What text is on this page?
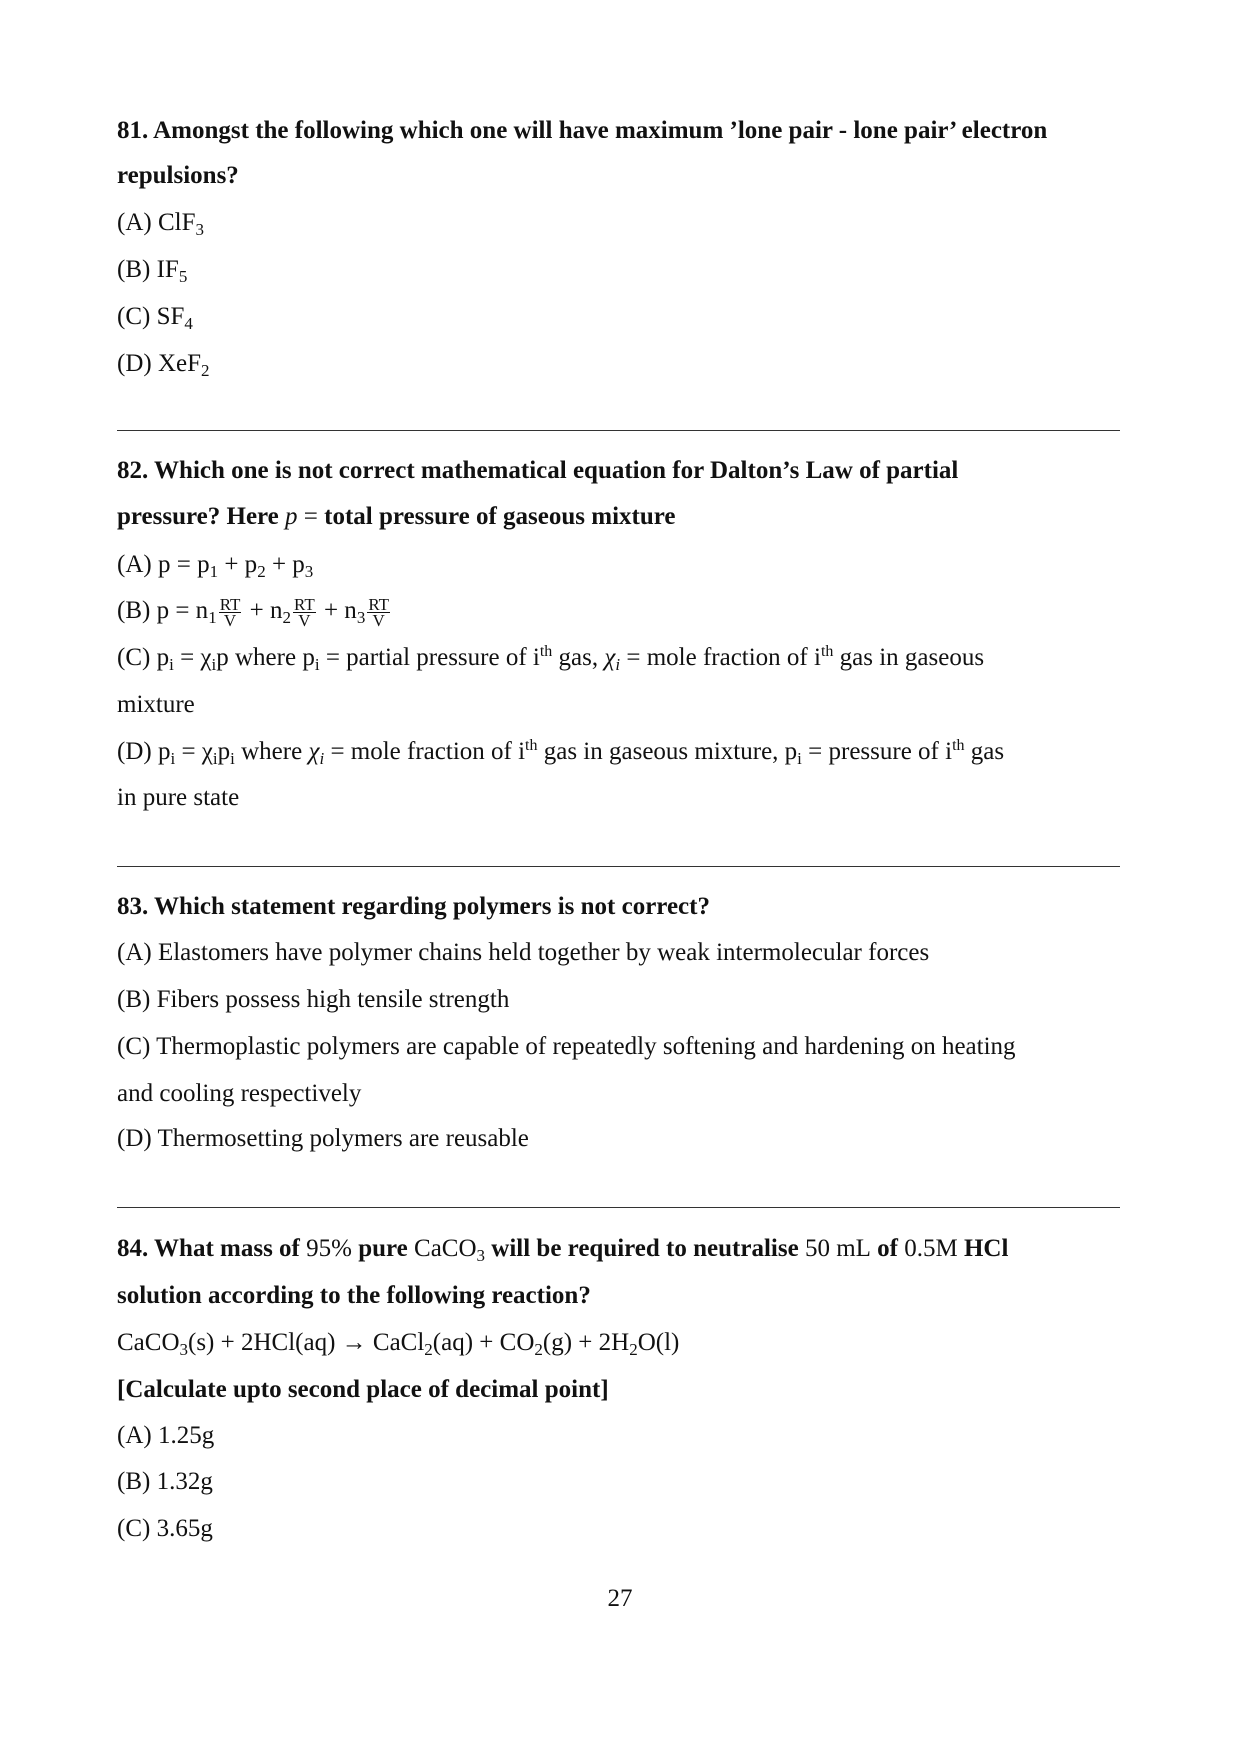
81. Amongst the following which one will have maximum ’lone pair - lone pair’ electron
repulsions?
(A) ClF$_3$
(B) $IF_5$
(C) $SF_4$
(D) XeF$_2$
82. Which one is not correct mathematical equation for Dalton’s Law of partial
pressure? Here p = total pressure of gaseous mixture
(A) $p = p_1 + p_2 + p_3$
(B) $p = n_1 \frac{RT}{V} + n_2 \frac{RT}{V} + n_3 \frac{RT}{V}$
(C) $p_i = \chi_ip$ where $p_i$ = partial pressure of $i^{th}$ gas, $\chi_i$ = mole fraction of $i^{th}$ gas in gaseous
mixture
(D) $p_i = \chi_ip_i$ where $\chi_i$ = mole fraction of $i^{th}$ gas in gaseous mixture, $p_i$ = pressure of $i^{th}$ gas
in pure state
83. Which statement regarding polymers is not correct?
(A) Elastomers have polymer chains held together by weak intermolecular forces
(B) Fibers possess high tensile strength
(C) Thermoplastic polymers are capable of repeatedly softening and hardening on heating
and cooling respectively
(D) Thermosetting polymers are reusable
84. What mass of 95% pure CaCO$_3$ will be required to neutralise 50 mL of 0.5M HCl
solution according to the following reaction?
CaCO$_3$(s) + 2HCl(aq) → CaCl$_2$(aq) + $CO_2(g) + 2H_2O(l)$
[Calculate upto second place of decimal point]
(A) 1.25g
(B) 1.32g
(C) 3.65g
27
